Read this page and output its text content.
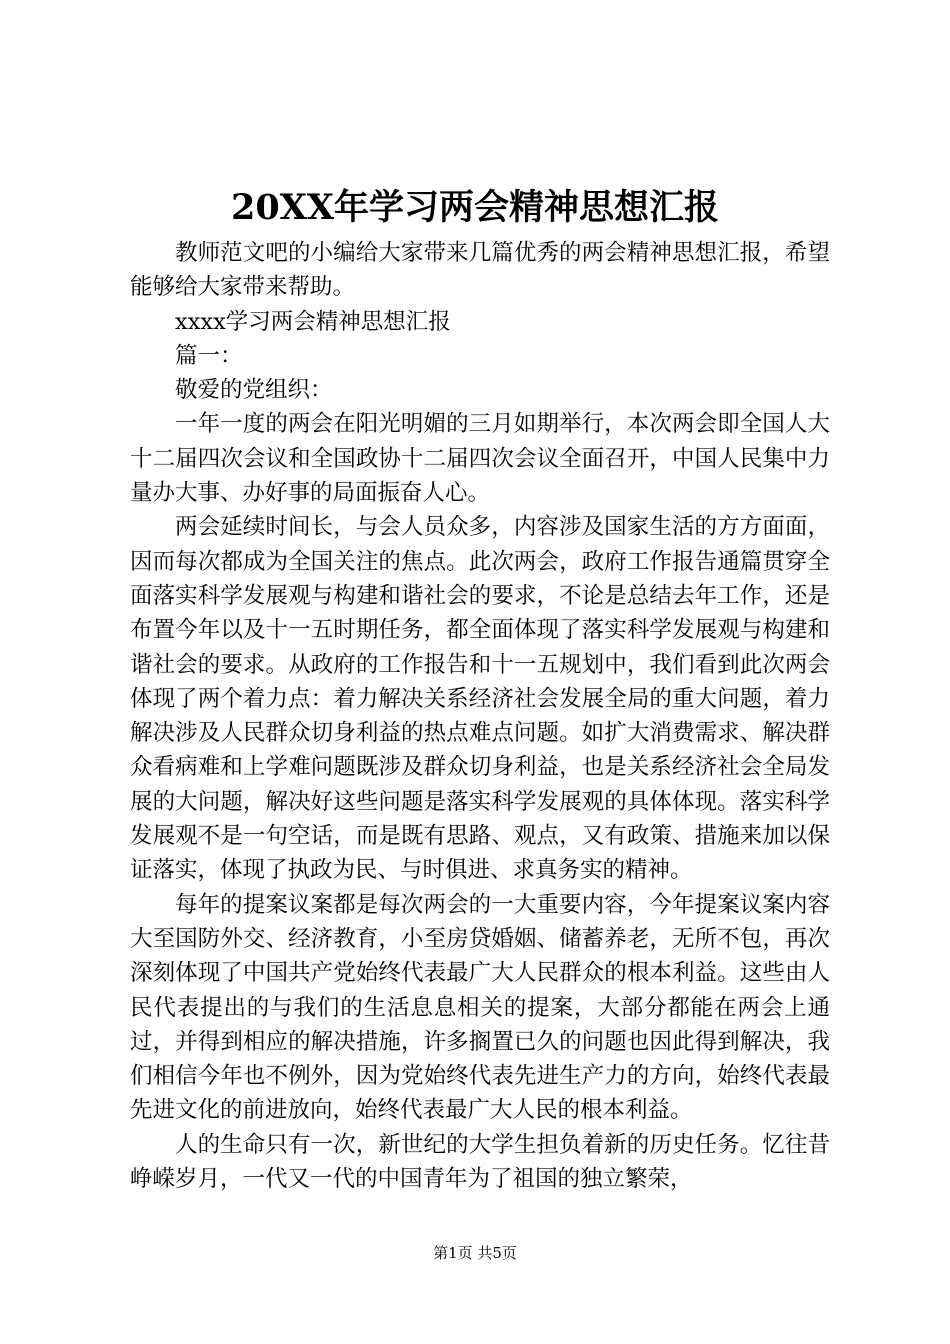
20XX年学习两会精神思想汇报

教师范文吧的小编给大家带来几篇优秀的两会精神思想汇报，希望能够给大家带来帮助。

xxxx学习两会精神思想汇报

篇一：

敬爱的党组织：

一年一度的两会在阳光明媚的三月如期举行，本次两会即全国人大十二届四次会议和全国政协十二届四次会议全面召开，中国人民集中力量办大事、办好事的局面振奋人心。

两会延续时间长，与会人员众多，内容涉及国家生活的方方面面，因而每次都成为全国关注的焦点。此次两会，政府工作报告通篇贯穿全面落实科学发展观与构建和谐社会的要求，不论是总结去年工作，还是布置今年以及十一五时期任务，都全面体现了落实科学发展观与构建和谐社会的要求。从政府的工作报告和十一五规划中，我们看到此次两会体现了两个着力点：着力解决关系经济社会发展全局的重大问题，着力解决涉及人民群众切身利益的热点难点问题。如扩大消费需求、解决群众看病难和上学难问题既涉及群众切身利益，也是关系经济社会全局发展的大问题，解决好这些问题是落实科学发展观的具体体现。落实科学发展观不是一句空话，而是既有思路、观点，又有政策、措施来加以保证落实，体现了执政为民、与时俱进、求真务实的精神。

每年的提案议案都是每次两会的一大重要内容，今年提案议案内容大至国防外交、经济教育，小至房贷婚姻、储蓄养老，无所不包，再次深刻体现了中国共产党始终代表最广大人民群众的根本利益。这些由人民代表提出的与我们的生活息息相关的提案，大部分都能在两会上通过，并得到相应的解决措施，许多搁置已久的问题也因此得到解决，我们相信今年也不例外，因为党始终代表先进生产力的方向，始终代表最先进文化的前进放向，始终代表最广大人民的根本利益。

人的生命只有一次，新世纪的大学生担负着新的历史任务。忆往昔峥嵘岁月，一代又一代的中国青年为了祖国的独立繁荣，

第1页 共5页
